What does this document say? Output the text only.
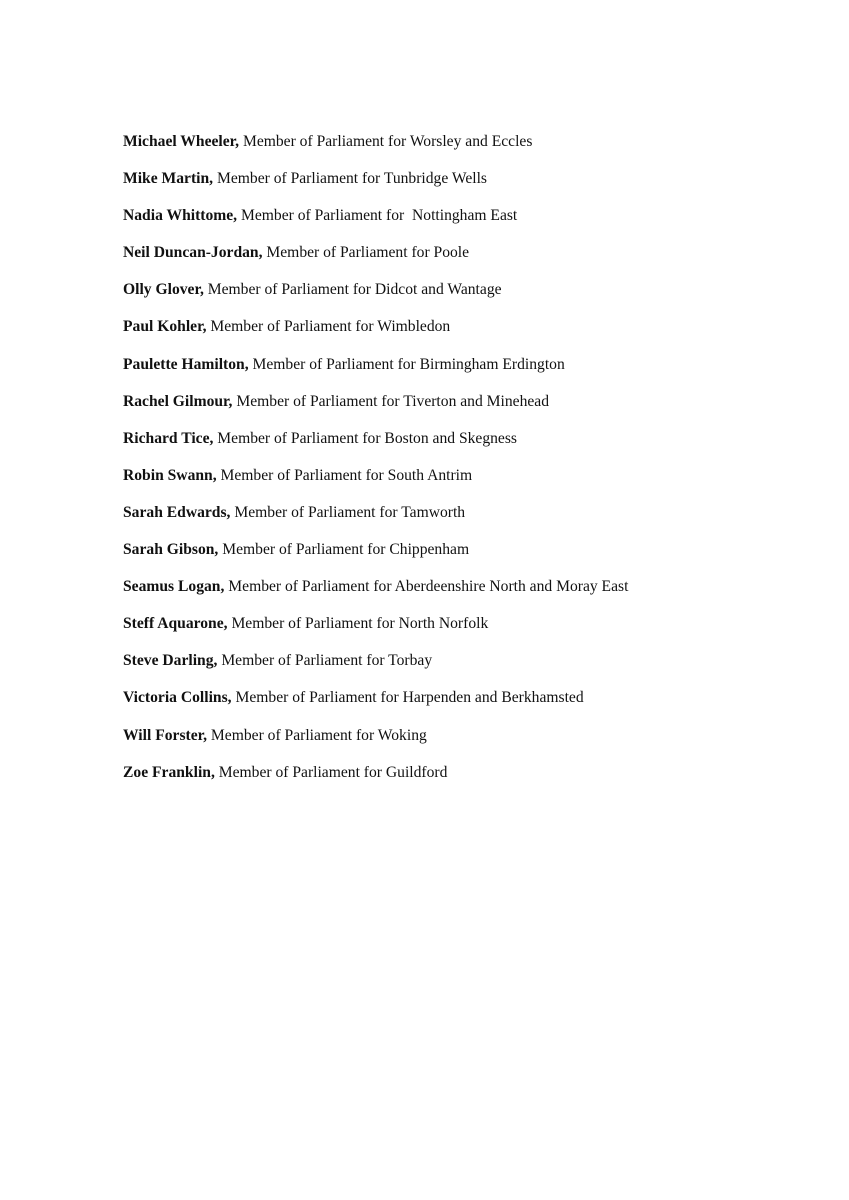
Michael Wheeler, Member of Parliament for Worsley and Eccles
Mike Martin, Member of Parliament for Tunbridge Wells
Nadia Whittome, Member of Parliament for  Nottingham East
Neil Duncan-Jordan, Member of Parliament for Poole
Olly Glover, Member of Parliament for Didcot and Wantage
Paul Kohler, Member of Parliament for Wimbledon
Paulette Hamilton, Member of Parliament for Birmingham Erdington
Rachel Gilmour, Member of Parliament for Tiverton and Minehead
Richard Tice, Member of Parliament for Boston and Skegness
Robin Swann, Member of Parliament for South Antrim
Sarah Edwards, Member of Parliament for Tamworth
Sarah Gibson, Member of Parliament for Chippenham
Seamus Logan, Member of Parliament for Aberdeenshire North and Moray East
Steff Aquarone, Member of Parliament for North Norfolk
Steve Darling, Member of Parliament for Torbay
Victoria Collins, Member of Parliament for Harpenden and Berkhamsted
Will Forster, Member of Parliament for Woking
Zoe Franklin, Member of Parliament for Guildford
